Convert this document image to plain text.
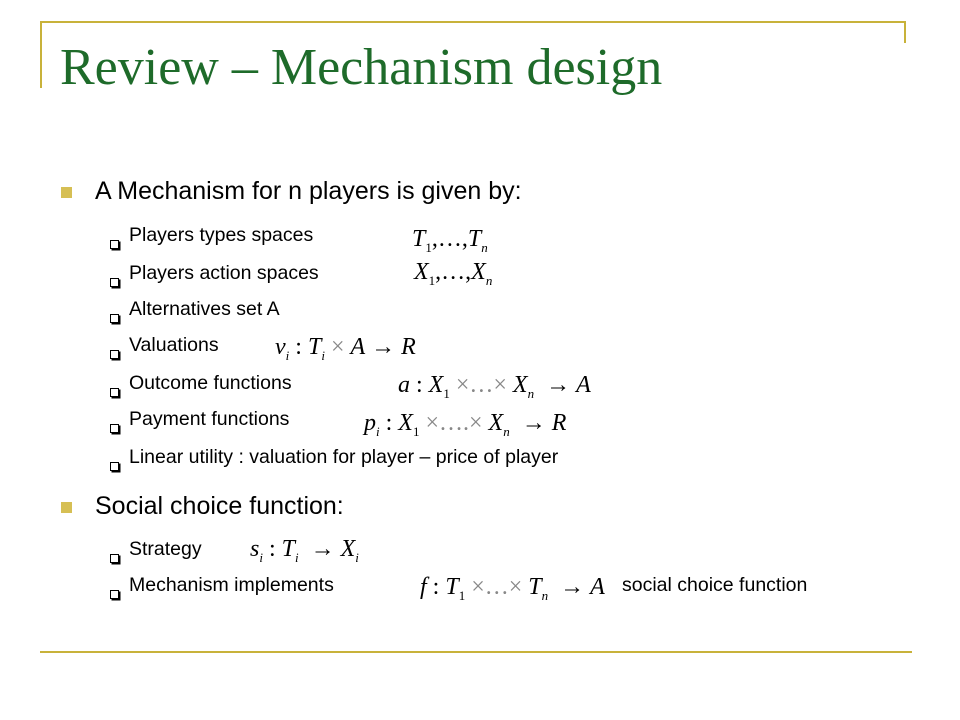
Review – Mechanism design
A Mechanism for n players is given by:
Players types spaces	$T_1,\dots,T_n$
Players action spaces	$X_1,\dots,X_n$
Alternatives set A
Valuations $v_i$ : $T_i \times A \to R$
Outcome functions	a : $X_1$ ×…× $X_n \to A$
Payment functions	$p_i$ : $X_1$ ×….× $X_n \to R$
Linear utility : valuation for player – price of player
Social choice function:
Strategy $s_i$ : $T_i \to X_i$
Mechanism implements	f : $T_1$ ×…× $T_n \to A$ social choice function
